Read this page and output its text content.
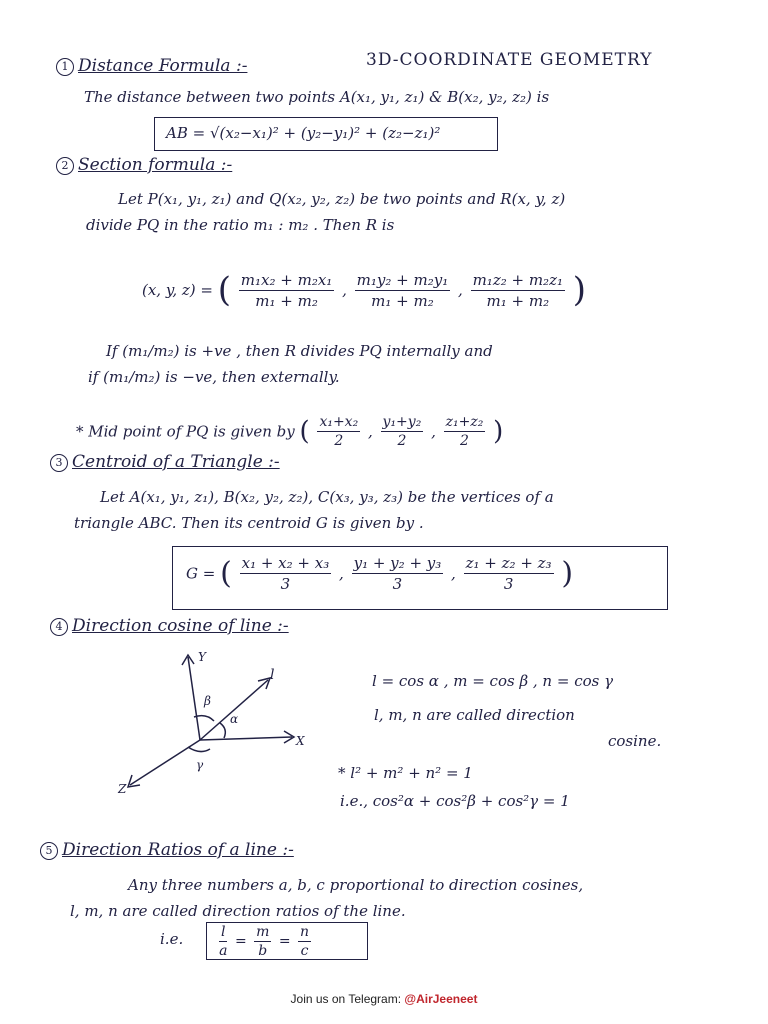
3D-COORDINATE GEOMETRY
1 Distance Formula :-
The distance between two points A(x₁, y₁, z₁) & B(x₂, y₂, z₂) is
AB = √(x₂−x₁)² + (y₂−y₁)² + (z₂−z₁)²
2 Section formula :-
Let P(x₁, y₁, z₁) and Q(x₂, y₂, z₂) be two points and R(x, y, z)
divide PQ in the ratio m₁ : m₂ . Then R is
(x, y, z) = ( $\frac{\text{m₁x₂ + m₂x₁}}{\text{m₁ + m₂}}$ , $\frac{\text{m₁y₂ + m₂y₁}}{\text{m₁ + m₂}}$ , $\frac{\text{m₁z₂ + m₂z₁}}{\text{m₁ + m₂}}$ )
If (m₁/m₂) is +ve , then R divides PQ internally and
if (m₁/m₂) is −ve, then externally.
* Mid point of PQ is given by ( $\frac{\text{x₁+x₂}}{2}$ , $\frac{\text{y₁+y₂}}{2}$ , $\frac{\text{z₁+z₂}}{2}$ )
3 Centroid of a Triangle :-
Let A(x₁, y₁, z₁), B(x₂, y₂, z₂), C(x₃, y₃, z₃) be the vertices of a
triangle ABC. Then its centroid G is given by .
G = ( $\frac{\text{x₁ + x₂ + x₃}}{3}$ , $\frac{\text{y₁ + y₂ + y₃}}{3}$ , $\frac{\text{z₁ + z₂ + z₃}}{3}$ )
4 Direction cosine of line :-
Y
X
Z
l
α
β
γ
l = cos α , m = cos β , n = cos γ
l, m, n are called direction
cosine.
* l² + m² + n² = 1
i.e., cos²α + cos²β + cos²γ = 1
5 Direction Ratios of a line :-
Any three numbers a, b, c proportional to direction cosines,
l, m, n are called direction ratios of the line.
i.e.	$\frac{l}{a} = \frac{m}{b} = \frac{n}{c}$
Join us on Telegram: @AirJeeneet
